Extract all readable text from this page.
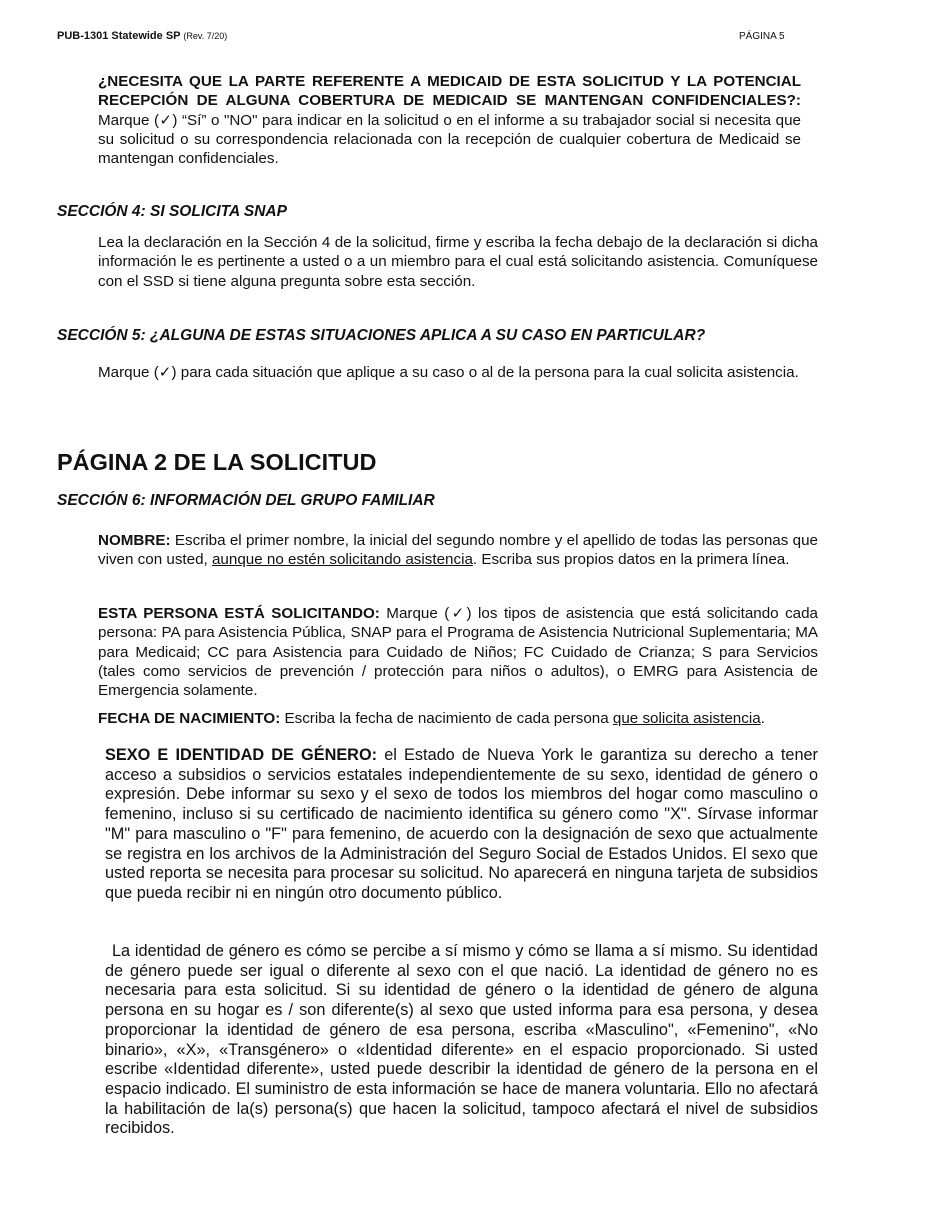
PUB-1301 Statewide SP (Rev. 7/20)	PÁGINA 5
¿NECESITA QUE LA PARTE REFERENTE A MEDICAID DE ESTA SOLICITUD Y LA POTENCIAL RECEPCIÓN DE ALGUNA COBERTURA DE MEDICAID SE MANTENGAN CONFIDENCIALES?: Marque (✓) “Sí” o "NO" para indicar en la solicitud o en el informe a su trabajador social si necesita que su solicitud o su correspondencia relacionada con la recepción de cualquier cobertura de Medicaid se mantengan confidenciales.
SECCIÓN 4: SI SOLICITA SNAP
Lea la declaración en la Sección 4 de la solicitud, firme y escriba la fecha debajo de la declaración si dicha información le es pertinente a usted o a un miembro para el cual está solicitando asistencia. Comuníquese con el SSD si tiene alguna pregunta sobre esta sección.
SECCIÓN 5: ¿ALGUNA DE ESTAS SITUACIONES APLICA A SU CASO EN PARTICULAR?
Marque (✓) para cada situación que aplique a su caso o al de la persona para la cual solicita asistencia.
PÁGINA 2 DE LA SOLICITUD
SECCIÓN 6: INFORMACIÓN DEL GRUPO FAMILIAR
NOMBRE: Escriba el primer nombre, la inicial del segundo nombre y el apellido de todas las personas que viven con usted, aunque no estén solicitando asistencia. Escriba sus propios datos en la primera línea.
ESTA PERSONA ESTÁ SOLICITANDO: Marque (✓) los tipos de asistencia que está solicitando cada persona: PA para Asistencia Pública, SNAP para el Programa de Asistencia Nutricional Suplementaria; MA para Medicaid; CC para Asistencia para Cuidado de Niños; FC Cuidado de Crianza; S para Servicios (tales como servicios de prevención / protección para niños o adultos), o EMRG para Asistencia de Emergencia solamente.
FECHA DE NACIMIENTO: Escriba la fecha de nacimiento de cada persona que solicita asistencia.
SEXO E IDENTIDAD DE GÉNERO: el Estado de Nueva York le garantiza su derecho a tener acceso a subsidios o servicios estatales independientemente de su sexo, identidad de género o expresión. Debe informar su sexo y el sexo de todos los miembros del hogar como masculino o femenino, incluso si su certificado de nacimiento identifica su género como "X". Sírvase informar "M" para masculino o "F" para femenino, de acuerdo con la designación de sexo que actualmente se registra en los archivos de la Administración del Seguro Social de Estados Unidos. El sexo que usted reporta se necesita para procesar su solicitud. No aparecerá en ninguna tarjeta de subsidios que pueda recibir ni en ningún otro documento público.
La identidad de género es cómo se percibe a sí mismo y cómo se llama a sí mismo. Su identidad de género puede ser igual o diferente al sexo con el que nació. La identidad de género no es necesaria para esta solicitud. Si su identidad de género o la identidad de género de alguna persona en su hogar es / son diferente(s) al sexo que usted informa para esa persona, y desea proporcionar la identidad de género de esa persona, escriba «Masculino", «Femenino", «No binario», «X», «Transgénero» o «Identidad diferente» en el espacio proporcionado. Si usted escribe «Identidad diferente», usted puede describir la identidad de género de la persona en el espacio indicado. El suministro de esta información se hace de manera voluntaria. Ello no afectará la habilitación de la(s) persona(s) que hacen la solicitud, tampoco afectará el nivel de subsidios recibidos.
